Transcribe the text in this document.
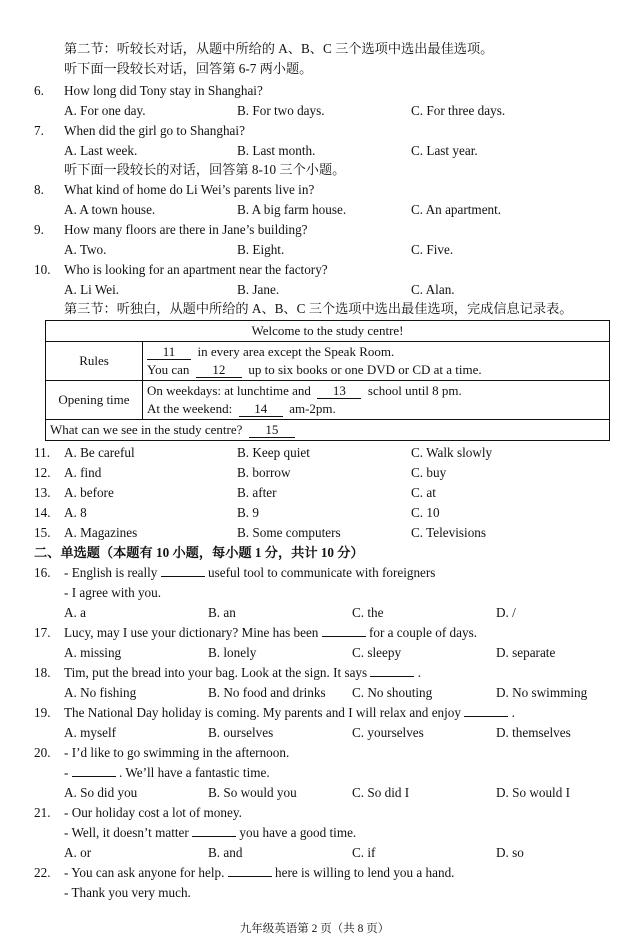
第二节：听较长对话，从题中所给的 A、B、C 三个选项中选出最佳选项。
听下面一段较长对话，回答第 6-7 两小题。
6. How long did Tony stay in Shanghai?
A. For one day.	B. For two days.	C. For three days.
7. When did the girl go to Shanghai?
A. Last week.	B. Last month.	C. Last year.
听下面一段较长的对话，回答第 8-10 三个小题。
8. What kind of home do Li Wei’s parents live in?
A. A town house.	B. A big farm house.	C. An apartment.
9. How many floors are there in Jane’s building?
A. Two.	B. Eight.	C. Five.
10. Who is looking for an apartment near the factory?
A. Li Wei.	B. Jane.	C. Alan.
第三节：听独白，从题中所给的 A、B、C 三个选项中选出最佳选项，完成信息记录表。
Welcome to the study centre!	
Rules	11 in every area except the Speak Room.
You can 12 up to six books or one DVD or CD at a time.

Opening time	On weekdays: at lunchtime and 13 school until 8 pm.
At the weekend: 14 am-2pm.

What can we see in the study centre? 15	
11. A. Be careful	B. Keep quiet	C. Walk slowly
12. A. find	B. borrow	C. buy
13. A. before	B. after	C. at
14. A. 8	B. 9	C. 10
15. A. Magazines	B. Some computers	C. Televisions
二、单选题（本题有 10 小题，每小题 1 分，共计 10 分）
16. - English is really	useful tool to communicate with foreigners
- I agree with you.
A. a	B. an	C. the	D. /
17. Lucy, may I use your dictionary? Mine has been	for a couple of days.
A. missing	B. lonely	C. sleepy	D. separate
18. Tim, put the bread into your bag. Look at the sign. It says	.
A. No fishing	B. No food and drinks C. No shouting	D. No swimming
19. The National Day holiday is coming. My parents and I will relax and enjoy	.
A. myself	B. ourselves	C. yourselves	D. themselves
20. - I’d like to go swimming in the afternoon.
-	. We’ll have a fantastic time.
A. So did you	B. So would you	C. So did I	D. So would I
21. - Our holiday cost a lot of money.
- Well, it doesn’t matter	you have a good time.
A. or	B. and	C. if	D. so
22. - You can ask anyone for help.	here is willing to lend you a hand.
- Thank you very much.
九年级英语第 2 页（共 8 页）
